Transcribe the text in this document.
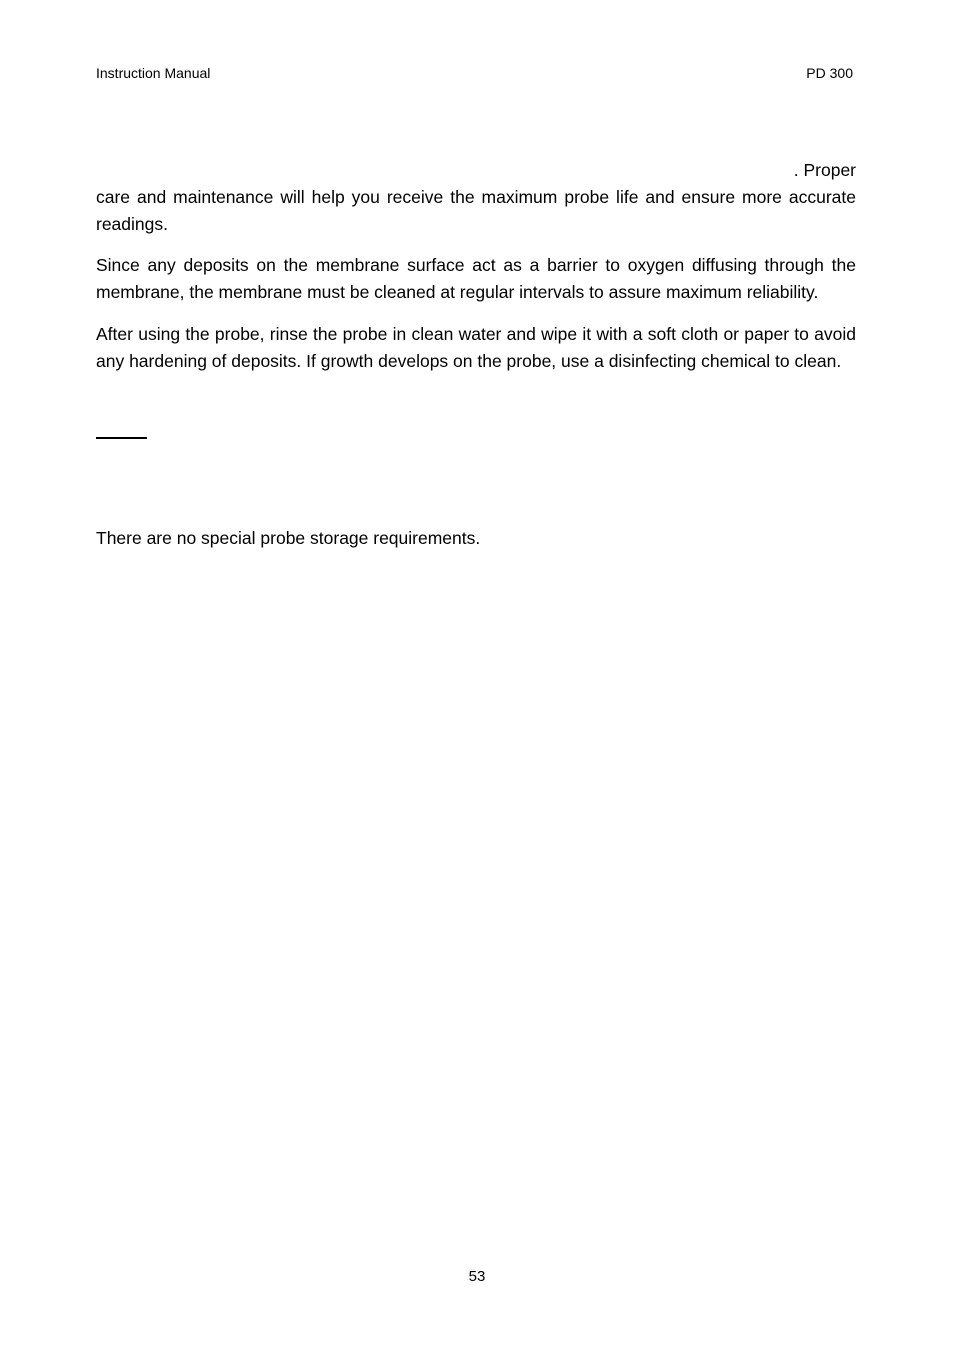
Instruction Manual	PD 300

. Proper

care and maintenance will help you receive the maximum probe life and ensure more accurate readings.

Since any deposits on the membrane surface act as a barrier to oxygen diffusing through the membrane, the membrane must be cleaned at regular intervals to assure maximum reliability.

After using the probe, rinse the probe in clean water and wipe it with a soft cloth or paper to avoid any hardening of deposits. If growth develops on the probe, use a disinfecting chemical to clean.

There are no special probe storage requirements.

53
